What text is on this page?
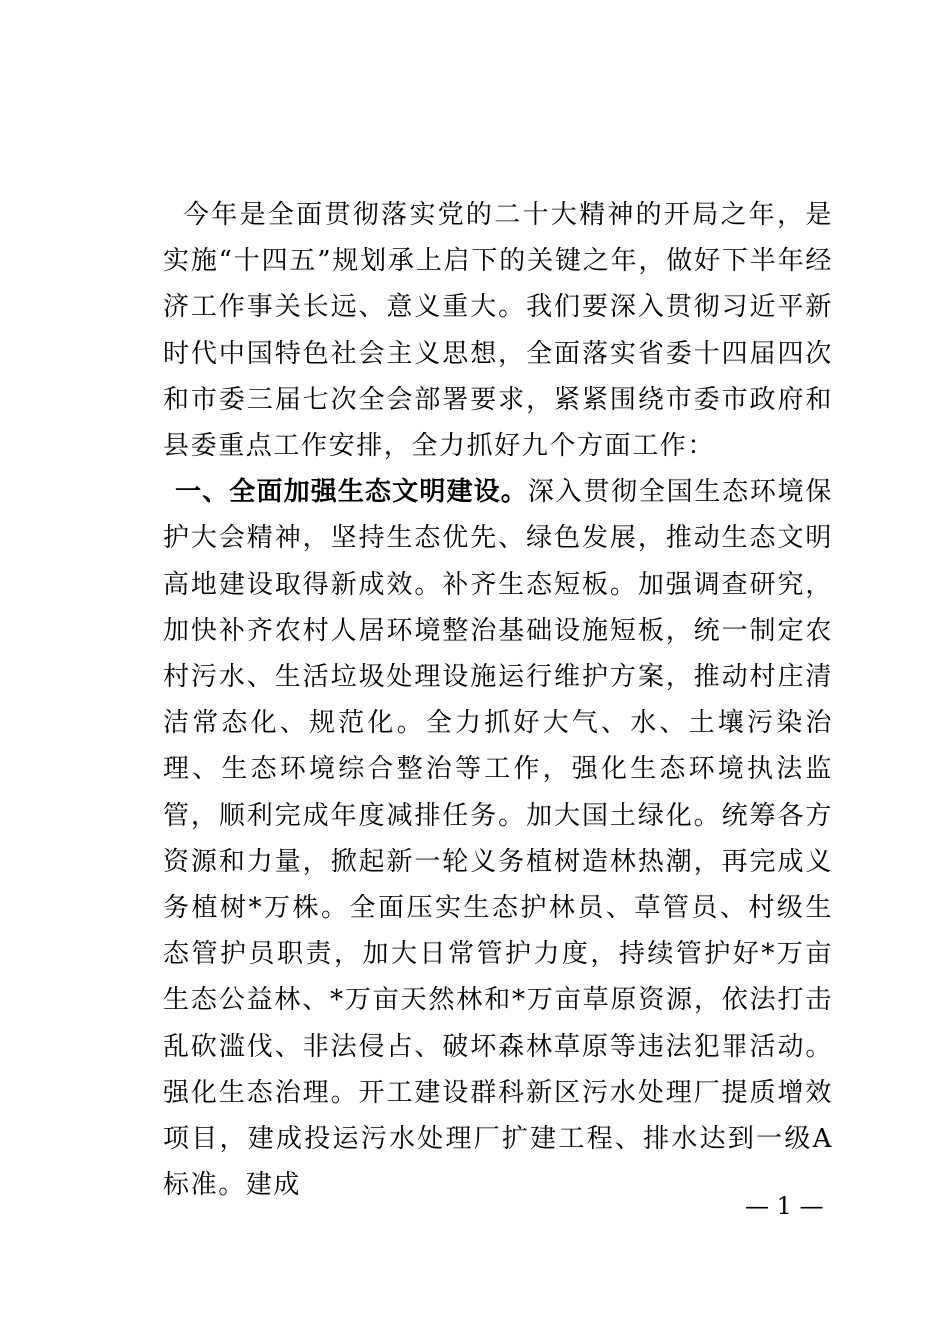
今年是全面贯彻落实党的二十大精神的开局之年，是实施“十四五”规划承上启下的关键之年，做好下半年经济工作事关长远、意义重大。我们要深入贯彻习近平新时代中国特色社会主义思想，全面落实省委十四届四次和市委三届七次全会部署要求，紧紧围绕市委市政府和县委重点工作安排，全力抓好九个方面工作：

一、全面加强生态文明建设。深入贯彻全国生态环境保护大会精神，坚持生态优先、绿色发展，推动生态文明高地建设取得新成效。补齐生态短板。加强调查研究，加快补齐农村人居环境整治基础设施短板，统一制定农村污水、生活垃圾处理设施运行维护方案，推动村庄清洁常态化、规范化。全力抓好大气、水、土壤污染治理、生态环境综合整治等工作，强化生态环境执法监管，顺利完成年度减排任务。加大国土绿化。统筹各方资源和力量，掀起新一轮义务植树造林热潮，再完成义务植树*万株。全面压实生态护林员、草管员、村级生态管护员职责，加大日常管护力度，持续管护好*万亩生态公益林、*万亩天然林和*万亩草原资源，依法打击乱砍滥伐、非法侵占、破坏森林草原等违法犯罪活动。强化生态治理。开工建设群科新区污水处理厂提质增效项目，建成投运污水处理厂扩建工程、排水达到一级A标准。建成

— 1 —
